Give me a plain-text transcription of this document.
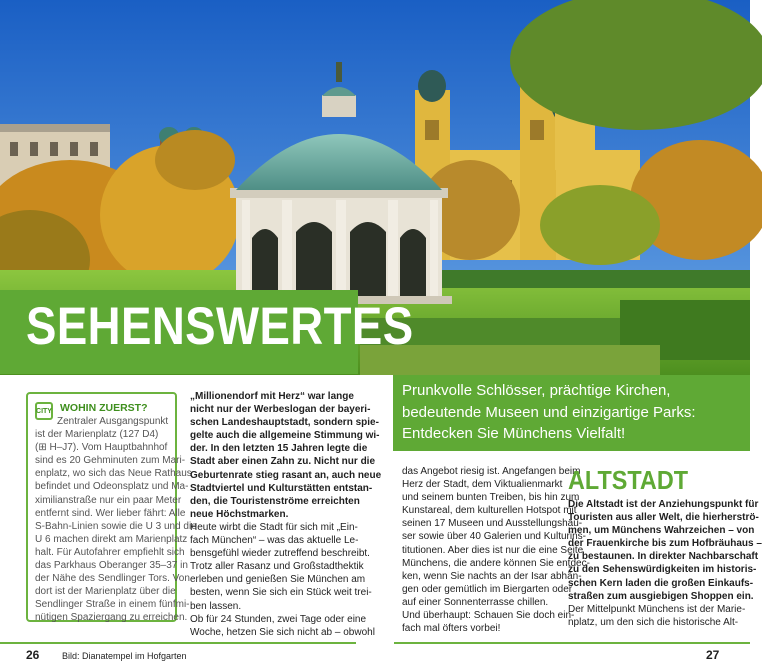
SEHENSWERTES
CITY WOHIN ZUERST?
Zentraler Ausgangspunkt
ist der Marienplatz (127 D4)
(⊞ H–J7). Vom Hauptbahnhof
sind es 20 Gehminuten zum Mari-
enplatz, wo sich das Neue Rathaus
befindet und Odeonsplatz und Ma-
ximilianstraße nur ein paar Meter
entfernt sind. Wer lieber fährt: Alle
S-Bahn-Linien sowie die U 3 und die
U 6 machen direkt am Marienplatz
halt. Für Autofahrer empfiehlt sich
das Parkhaus Oberanger 35–37 in
der Nähe des Sendlinger Tors. Von
dort ist der Marienplatz über die
Sendlinger Straße in einem fünfmi-
nütigen Spaziergang zu erreichen.
„Millionendorf mit Herz“ war lange
nicht nur der Werbeslogan der bayeri-
schen Landeshauptstadt, sondern spie-
gelte auch die allgemeine Stimmung wi-
der. In den letzten 15 Jahren legte die
Stadt aber einen Zahn zu. Nicht nur die
Geburtenrate stieg rasant an, auch neue
Stadtviertel und Kulturstätten entstan-
den, die Touristenströme erreichten
neue Höchstmarken.
Heute wirbt die Stadt für sich mit „Ein-
fach München“ – was das aktuelle Le-
bensgefühl wieder zutreffend beschreibt.
Trotz aller Rasanz und Großstadthektik
erleben und genießen Sie München am
besten, wenn Sie sich ein Stück weit trei-
ben lassen.
Ob für 24 Stunden, zwei Tage oder eine
Woche, hetzen Sie sich nicht ab – obwohl
Prunkvolle Schlösser, prächtige Kirchen,
bedeutende Museen und einzigartige Parks:
Entdecken Sie Münchens Vielfalt!
das Angebot riesig ist. Angefangen beim
Herz der Stadt, dem Viktualienmarkt
und seinem bunten Treiben, bis hin zum
Kunstareal, dem kulturellen Hotspot mit
seinen 17 Museen und Ausstellungshäu-
ser sowie über 40 Galerien und Kulturins-
titutionen. Aber dies ist nur die eine Seite
Münchens, die andere können Sie entdec-
ken, wenn Sie nachts an der Isar abhän-
gen oder gemütlich im Biergarten oder
auf einer Sonnenterrasse chillen.
Und überhaupt: Schauen Sie doch ein-
fach mal öfters vorbei!
ALTSTADT
Die Altstadt ist der Anziehungspunkt für
Touristen aus aller Welt, die hierherströ-
men, um Münchens Wahrzeichen – von
der Frauenkirche bis zum Hofbräuhaus –
zu bestaunen. In direkter Nachbarschaft
zu den Sehenswürdigkeiten im historis-
schen Kern laden die großen Einkaufs-
straßen zum ausgiebigen Shoppen ein.
Der Mittelpunkt Münchens ist der Marie-
nplatz, um den sich die historische Alt-
26	Bild: Dianatempel im Hofgarten	27
